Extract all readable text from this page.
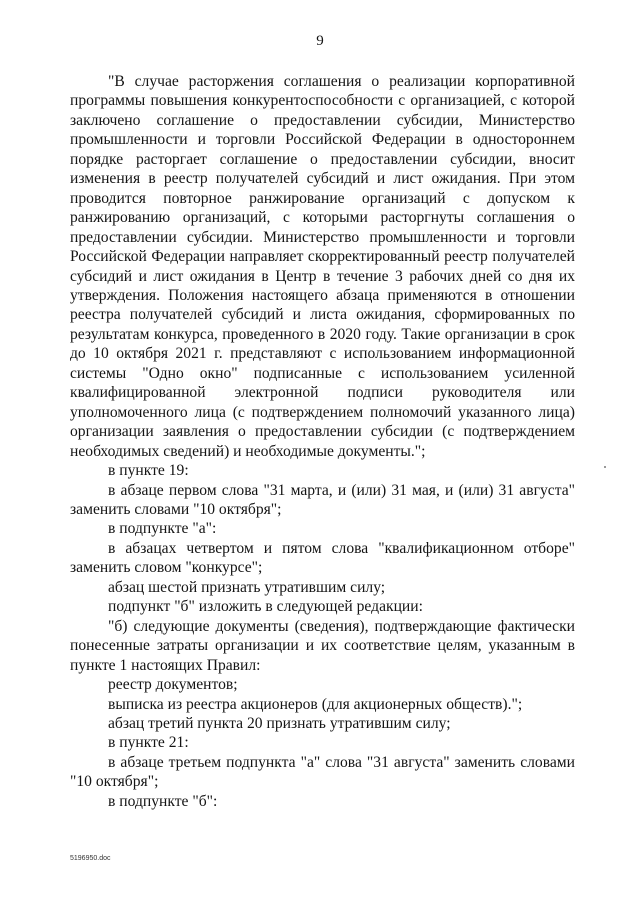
9

"В случае расторжения соглашения о реализации корпоративной программы повышения конкурентоспособности с организацией, с которой заключено соглашение о предоставлении субсидии, Министерство промышленности и торговли Российской Федерации в одностороннем порядке расторгает соглашение о предоставлении субсидии, вносит изменения в реестр получателей субсидий и лист ожидания. При этом проводится повторное ранжирование организаций с допуском к ранжированию организаций, с которыми расторгнуты соглашения о предоставлении субсидии. Министерство промышленности и торговли Российской Федерации направляет скорректированный реестр получателей субсидий и лист ожидания в Центр в течение 3 рабочих дней со дня их утверждения. Положения настоящего абзаца применяются в отношении реестра получателей субсидий и листа ожидания, сформированных по результатам конкурса, проведенного в 2020 году. Такие организации в срок до 10 октября 2021 г. представляют с использованием информационной системы "Одно окно" подписанные с использованием усиленной квалифицированной электронной подписи руководителя или уполномоченного лица (с подтверждением полномочий указанного лица) организации заявления о предоставлении субсидии (с подтверждением необходимых сведений) и необходимые документы.";

в пункте 19:

в абзаце первом слова "31 марта, и (или) 31 мая, и (или) 31 августа" заменить словами "10 октября";

в подпункте "а":

в абзацах четвертом и пятом слова "квалификационном отборе" заменить словом "конкурсе";

абзац шестой признать утратившим силу;

подпункт "б" изложить в следующей редакции:

"б) следующие документы (сведения), подтверждающие фактически понесенные затраты организации и их соответствие целям, указанным в пункте 1 настоящих Правил:

реестр документов;

выписка из реестра акционеров (для акционерных обществ).";

абзац третий пункта 20 признать утратившим силу;

в пункте 21:

в абзаце третьем подпункта "а" слова "31 августа" заменить словами "10 октября";

в подпункте "б":

5196950.doc
